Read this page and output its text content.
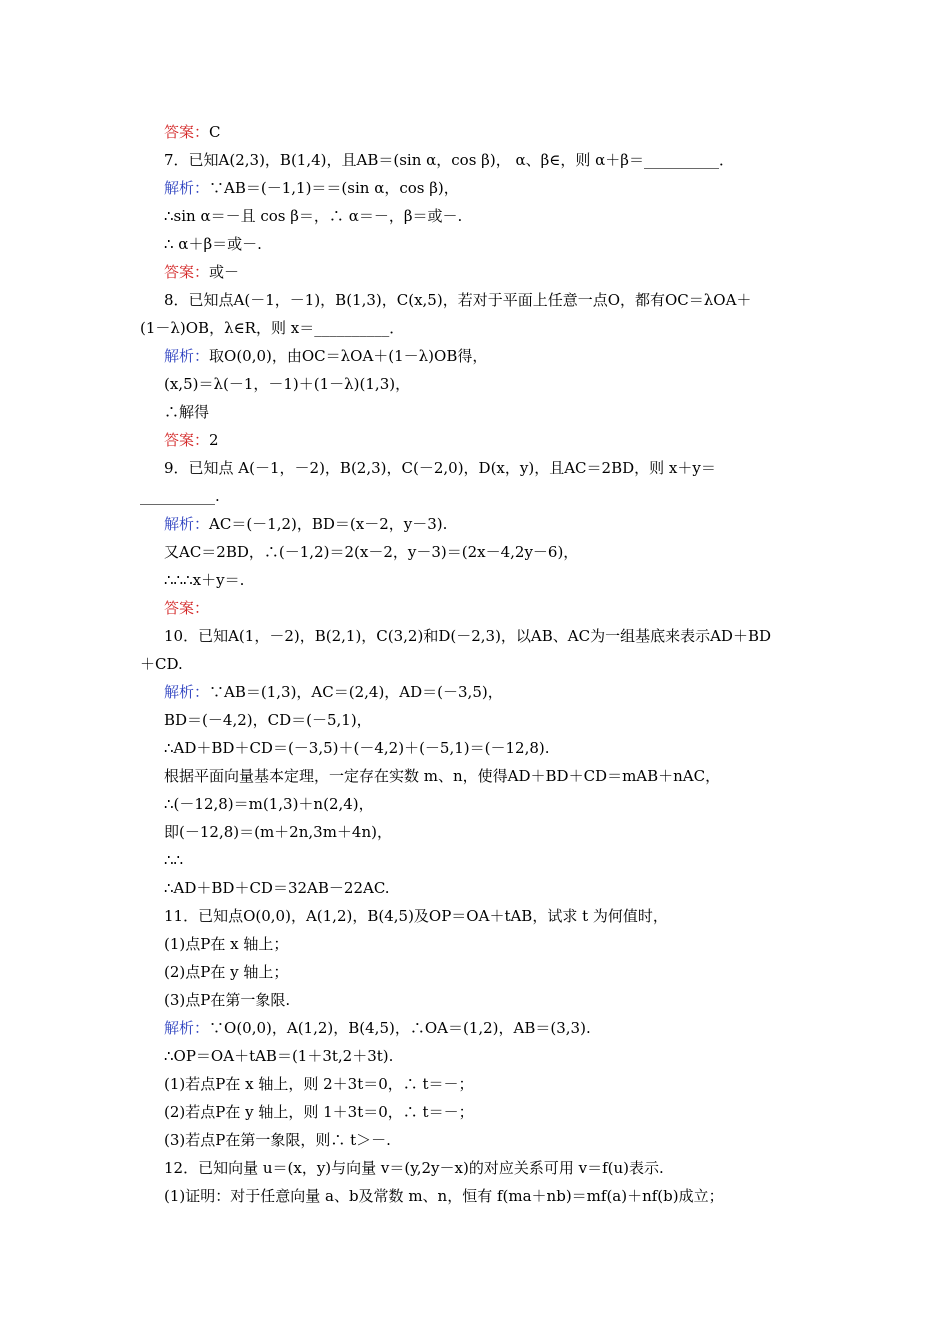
答案：C
7．已知A(2,3)，B(1,4)，且AB＝(sin α，cos β)， α、β∈，则 α＋β＝__________．
解析：∵AB＝(－1,1)＝＝(sin α，cos β)，
∴sin α＝－且 cos β＝，∴ α＝－，β＝或－.
∴ α＋β＝或－.
答案：或－
8．已知点A(－1，－1)，B(1,3)，C(x,5)，若对于平面上任意一点O，都有OC＝λOA＋
(1－λ)OB，λ∈R，则 x＝__________．
解析：取O(0,0)，由OC＝λOA＋(1－λ)OB得，
(x,5)＝λ(－1，－1)＋(1－λ)(1,3)，
∴解得
答案：2
9．已知点 A(－1，－2)，B(2,3)，C(－2,0)，D(x，y)，且AC＝2BD，则 x＋y＝
__________.
解析：AC＝(－1,2)，BD＝(x－2，y－3).
又AC＝2BD，∴(－1,2)＝2(x－2，y－3)＝(2x－4,2y－6)，
∴∴∴x＋y＝.
答案：
10．已知A(1，－2)，B(2,1)，C(3,2)和D(－2,3)，以AB、AC为一组基底来表示AD＋BD
＋CD.
解析：∵AB＝(1,3)，AC＝(2,4)，AD＝(－3,5)，
BD＝(－4,2)，CD＝(－5,1)，
∴AD＋BD＋CD＝(－3,5)＋(－4,2)＋(－5,1)＝(－12,8).
根据平面向量基本定理，一定存在实数 m、n，使得AD＋BD＋CD＝mAB＋nAC，
∴(－12,8)＝m(1,3)＋n(2,4)，
即(－12,8)＝(m＋2n,3m＋4n)，
∴∴
∴AD＋BD＋CD＝32AB－22AC.
11．已知点O(0,0)，A(1,2)，B(4,5)及OP＝OA＋tAB，试求 t 为何值时，
(1)点P在 x 轴上；
(2)点P在 y 轴上；
(3)点P在第一象限.
解析：∵O(0,0)，A(1,2)，B(4,5)，∴OA＝(1,2)，AB＝(3,3).
∴OP＝OA＋tAB＝(1＋3t,2＋3t).
(1)若点P在 x 轴上，则 2＋3t＝0，∴ t＝－；
(2)若点P在 y 轴上，则 1＋3t＝0，∴ t＝－；
(3)若点P在第一象限，则∴ t＞－.
12．已知向量 u＝(x，y)与向量 v＝(y,2y－x)的对应关系可用 v＝f(u)表示.
(1)证明：对于任意向量 a、b及常数 m、n，恒有 f(ma＋nb)＝mf(a)＋nf(b)成立；
